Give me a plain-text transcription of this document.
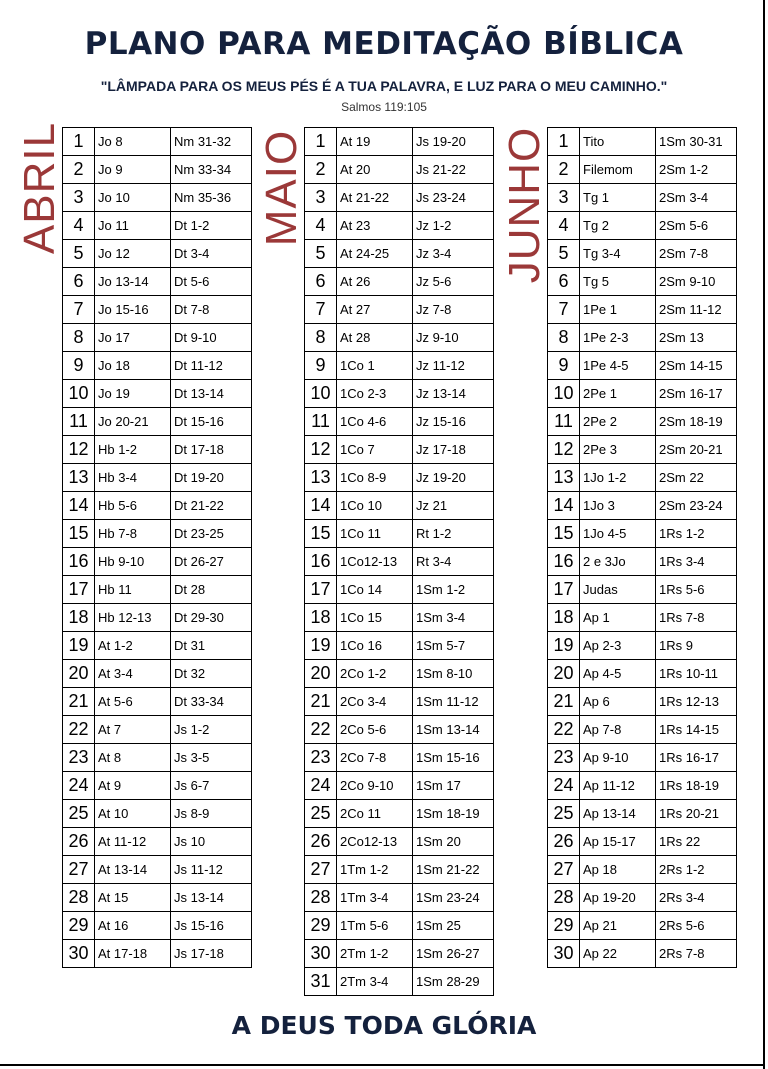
PLANO PARA MEDITAÇÃO BÍBLICA
"LÂMPADA PARA OS MEUS PÉS É A TUA PALAVRA, E LUZ PARA O MEU CAMINHO."
Salmos 119:105
ABRIL	MAIO	JUNHO
1	Jo 8	Nm 31-32
2	Jo 9	Nm 33-34
3	Jo 10	Nm 35-36
4	Jo 11	Dt 1-2
5	Jo 12	Dt 3-4
6	Jo 13-14	Dt 5-6
7	Jo 15-16	Dt 7-8
8	Jo 17	Dt 9-10
9	Jo 18	Dt 11-12
10	Jo 19	Dt 13-14
11	Jo 20-21	Dt 15-16
12	Hb 1-2	Dt 17-18
13	Hb 3-4	Dt 19-20
14	Hb 5-6	Dt 21-22
15	Hb 7-8	Dt 23-25
16	Hb 9-10	Dt 26-27
17	Hb 11	Dt 28
18	Hb 12-13	Dt 29-30
19	At 1-2	Dt 31
20	At 3-4	Dt 32
21	At 5-6	Dt 33-34
22	At 7	Js 1-2
23	At 8	Js 3-5
24	At 9	Js 6-7
25	At 10	Js 8-9
26	At 11-12	Js 10
27	At 13-14	Js 11-12
28	At 15	Js 13-14
29	At 16	Js 15-16
30	At 17-18	Js 17-18
1	At 19	Js 19-20
2	At 20	Js 21-22
3	At 21-22	Js 23-24
4	At 23	Jz 1-2
5	At 24-25	Jz 3-4
6	At 26	Jz 5-6
7	At 27	Jz 7-8
8	At 28	Jz 9-10
9	1Co 1	Jz 11-12
10	1Co 2-3	Jz 13-14
11	1Co 4-6	Jz 15-16
12	1Co 7	Jz 17-18
13	1Co 8-9	Jz 19-20
14	1Co 10	Jz 21
15	1Co 11	Rt 1-2
16	1Co12-13	Rt 3-4
17	1Co 14	1Sm 1-2
18	1Co 15	1Sm 3-4
19	1Co 16	1Sm 5-7
20	2Co 1-2	1Sm 8-10
21	2Co 3-4	1Sm 11-12
22	2Co 5-6	1Sm 13-14
23	2Co 7-8	1Sm 15-16
24	2Co 9-10	1Sm 17
25	2Co 11	1Sm 18-19
26	2Co12-13	1Sm 20
27	1Tm 1-2	1Sm 21-22
28	1Tm 3-4	1Sm 23-24
29	1Tm 5-6	1Sm 25
30	2Tm 1-2	1Sm 26-27
31	2Tm 3-4	1Sm 28-29
1	Tito	1Sm 30-31
2	Filemom	2Sm 1-2
3	Tg 1	2Sm 3-4
4	Tg 2	2Sm 5-6
5	Tg 3-4	2Sm 7-8
6	Tg 5	2Sm 9-10
7	1Pe 1	2Sm 11-12
8	1Pe 2-3	2Sm 13
9	1Pe 4-5	2Sm 14-15
10	2Pe 1	2Sm 16-17
11	2Pe 2	2Sm 18-19
12	2Pe 3	2Sm 20-21
13	1Jo 1-2	2Sm 22
14	1Jo 3	2Sm 23-24
15	1Jo 4-5	1Rs 1-2
16	2 e 3Jo	1Rs 3-4
17	Judas	1Rs 5-6
18	Ap 1	1Rs 7-8
19	Ap 2-3	1Rs 9
20	Ap 4-5	1Rs 10-11
21	Ap 6	1Rs 12-13
22	Ap 7-8	1Rs 14-15
23	Ap 9-10	1Rs 16-17
24	Ap 11-12	1Rs 18-19
25	Ap 13-14	1Rs 20-21
26	Ap 15-17	1Rs 22
27	Ap 18	2Rs 1-2
28	Ap 19-20	2Rs 3-4
29	Ap 21	2Rs 5-6
30	Ap 22	2Rs 7-8
A DEUS TODA GLÓRIA
